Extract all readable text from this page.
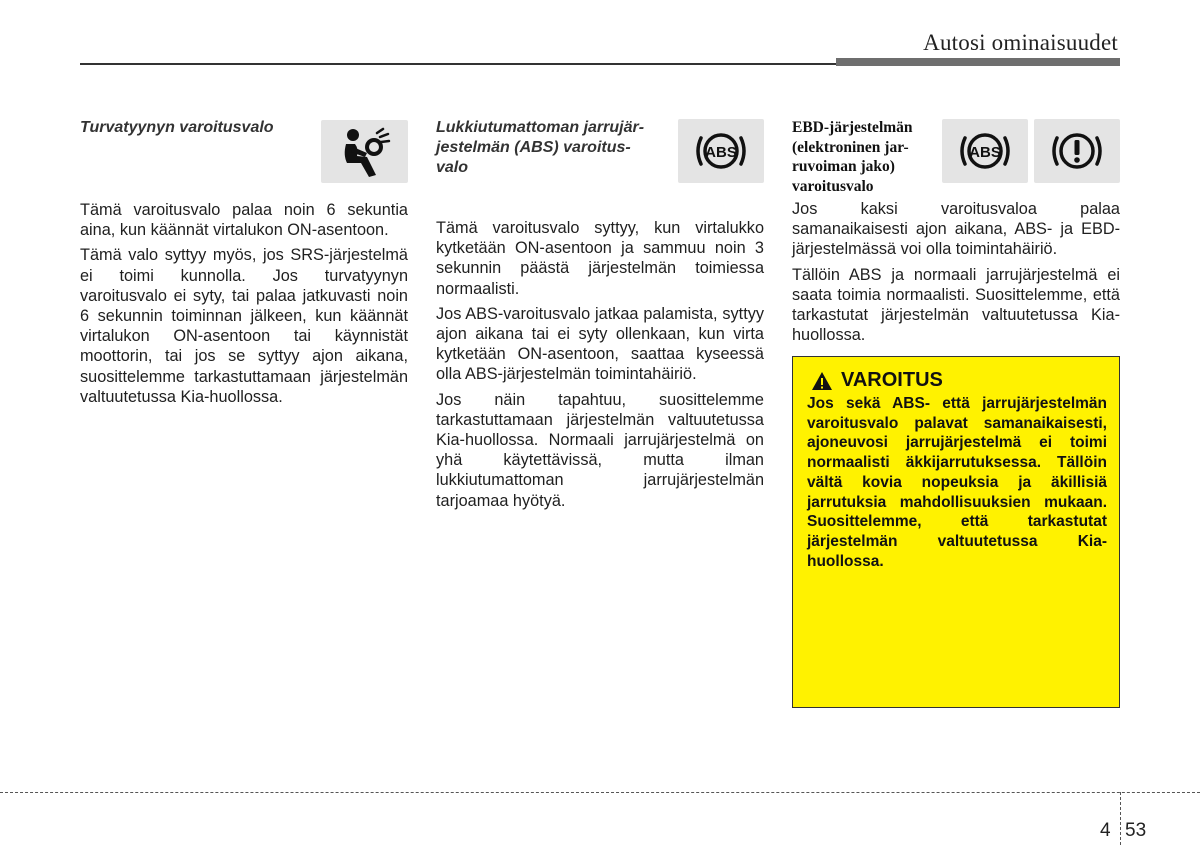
Autosi ominaisuudet
Turvatyynyn varoitusvalo

Tämä varoitusvalo palaa noin 6 sekuntia aina, kun käännät virtalukon ON-asentoon.

Tämä valo syttyy myös, jos SRS-järjestelmä ei toimi kunnolla. Jos turvatyynyn varoitusvalo ei syty, tai palaa jatkuvasti noin 6 sekunnin toiminnan jälkeen, kun käännät virtalukon ON-asentoon tai käynnistät moottorin, tai jos se syttyy ajon aikana, suosittelemme tarkastuttamaan järjestelmän valtuutetussa Kia-huollossa.

Lukkiutumattoman jarrujär-
jestelmän (ABS) varoitus-
valo
ABS

Tämä varoitusvalo syttyy, kun virtalukko kytketään ON-asentoon ja sammuu noin 3 sekunnin päästä järjestelmän toimiessa normaalisti.

Jos ABS-varoitusvalo jatkaa palamista, syttyy ajon aikana tai ei syty ollenkaan, kun virta kytketään ON-asentoon, saattaa kyseessä olla ABS-järjestelmän toimintahäiriö.

Jos näin tapahtuu, suosittelemme tarkastuttamaan järjestelmän valtuutetussa Kia-huollossa. Normaali jarrujärjestelmä on yhä käytettävissä, mutta ilman lukkiutumattoman jarrujärjestelmän tarjoamaa hyötyä.

EBD-järjestelmän
(elektroninen jar-
ruvoiman jako)
varoitusvalo
ABS

Jos kaksi varoitusvaloa palaa samanaikaisesti ajon aikana, ABS- ja EBD-järjestelmässä voi olla toimintahäiriö.

Tällöin ABS ja normaali jarrujärjestelmä ei saata toimia normaalisti. Suosittelemme, että tarkastutat järjestelmän valtuutetussa Kia-huollossa.

VAROITUS
Jos sekä ABS- että jarrujärjestelmän varoitusvalo palavat samanaikaisesti, ajoneuvosi jarrujärjestelmä ei toimi normaalisti äkkijarrutuksessa. Tällöin vältä kovia nopeuksia ja äkillisiä jarrutuksia mahdollisuuksien mukaan. Suosittelemme, että tarkastutat järjestelmän valtuutetussa Kia-huollossa.
4 53
